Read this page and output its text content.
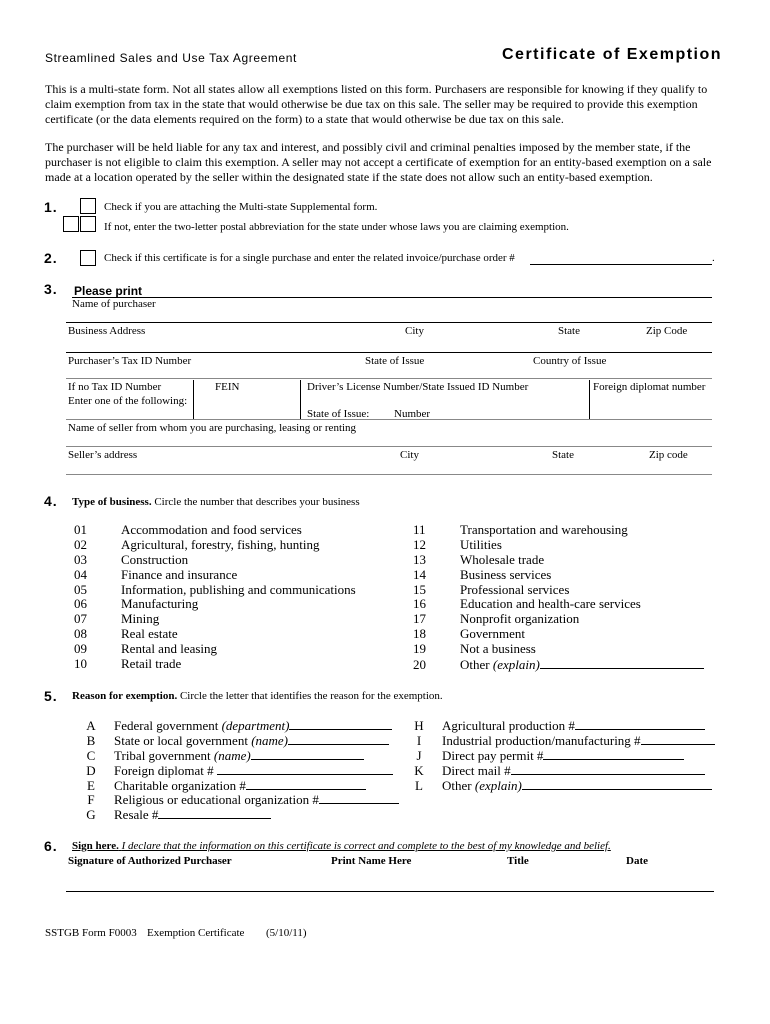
Streamlined Sales and Use Tax Agreement	Certificate of Exemption
This is a multi-state form. Not all states allow all exemptions listed on this form. Purchasers are responsible for knowing if they qualify to claim exemption from tax in the state that would otherwise be due tax on this sale. The seller may be required to provide this exemption certificate (or the data elements required on the form) to a state that would otherwise be due tax on this sale.
The purchaser will be held liable for any tax and interest, and possibly civil and criminal penalties imposed by the member state, if the purchaser is not eligible to claim this exemption. A seller may not accept a certificate of exemption for an entity-based exemption on a sale made at a location operated by the seller within the designated state if the state does not allow such an entity-based exemption.
1.	Check if you are attaching the Multi-state Supplemental form.
If not, enter the two-letter postal abbreviation for the state under whose laws you are claiming exemption.
2.	Check if this certificate is for a single purchase and enter the related invoice/purchase order #	.
3. Please print
Name of purchaser
Business Address	City	State	Zip Code
Purchaser’s Tax ID Number	State of Issue	Country of Issue
If no Tax ID Number
Enter one of the following:
FEIN	Driver’s License Number/State Issued ID Number	Foreign diplomat number
State of Issue: Number
Name of seller from whom you are purchasing, leasing or renting
Seller’s address	City	State	Zip code
4. Type of business. Circle the number that describes your business
01	Accommodation and food services
02	Agricultural, forestry, fishing, hunting
03	Construction
04	Finance and insurance
05	Information, publishing and communications
06	Manufacturing
07	Mining
08	Real estate
09	Rental and leasing
10	Retail trade
11	Transportation and warehousing
12	Utilities
13	Wholesale trade
14	Business services
15	Professional services
16	Education and health-care services
17	Nonprofit organization
18	Government
19	Not a business
20	Other (explain)
5. Reason for exemption. Circle the letter that identifies the reason for the exemption.
A Federal government (department)
B State or local government (name)
C Tribal government (name)
D Foreign diplomat #
E Charitable organization #
F Religious or educational organization #
G Resale #
H Agricultural production #
I Industrial production/manufacturing #
J Direct pay permit #
K Direct mail #
L Other (explain)
6. Sign here. I declare that the information on this certificate is correct and complete to the best of my knowledge and belief.
Signature of Authorized Purchaser	Print Name Here	Title	Date
SSTGB Form F0003 Exemption Certificate (5/10/11)
